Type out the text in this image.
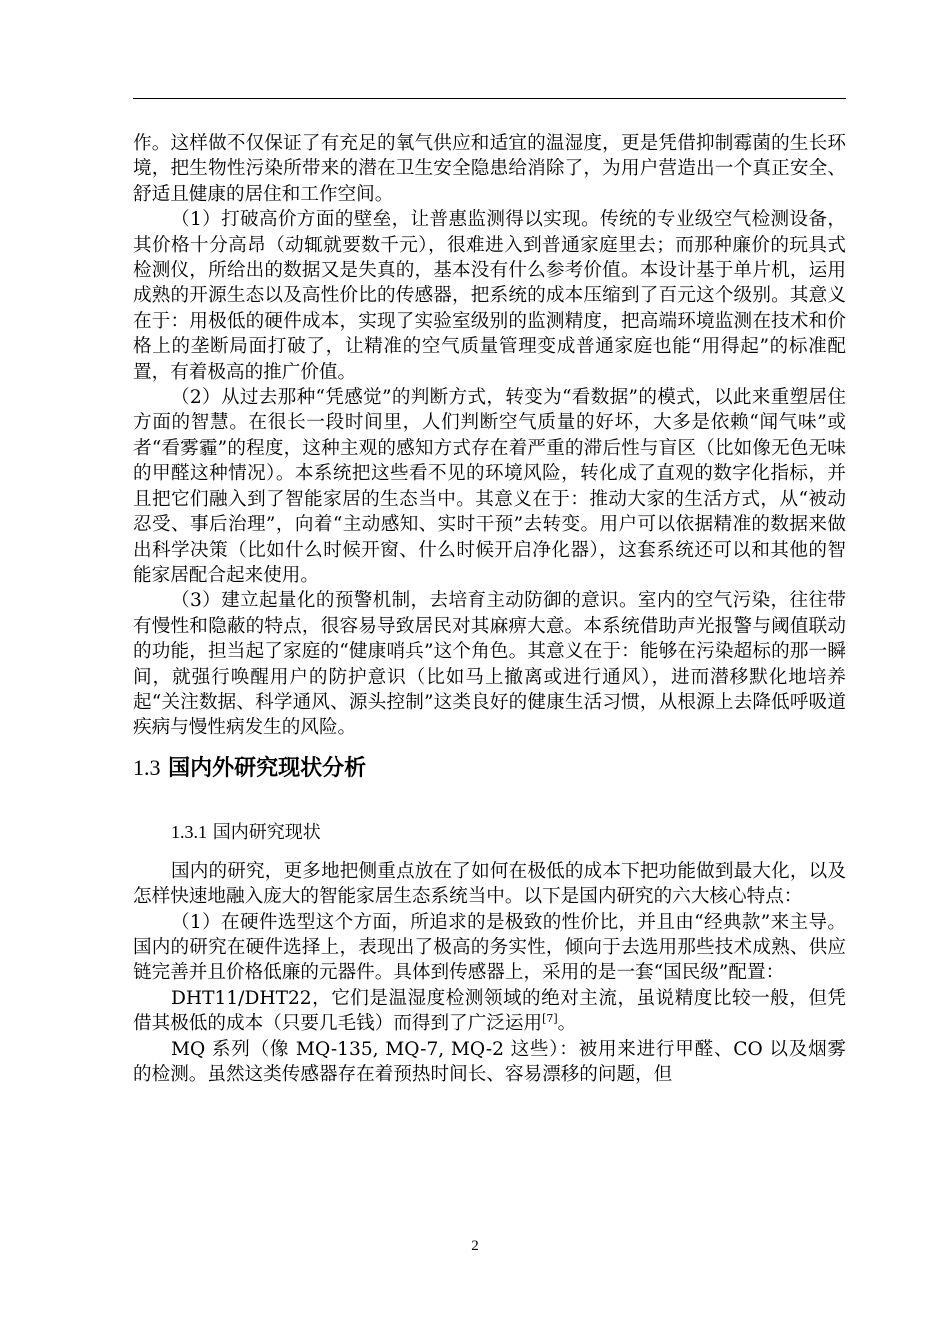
作。这样做不仅保证了有充足的氧气供应和适宜的温湿度，更是凭借抑制霉菌的生长环境，把生物性污染所带来的潜在卫生安全隐患给消除了，为用户营造出一个真正安全、舒适且健康的居住和工作空间。

（1）打破高价方面的壁垒，让普惠监测得以实现。传统的专业级空气检测设备，其价格十分高昂（动辄就要数千元），很难进入到普通家庭里去；而那种廉价的玩具式检测仪，所给出的数据又是失真的，基本没有什么参考价值。本设计基于单片机，运用成熟的开源生态以及高性价比的传感器，把系统的成本压缩到了百元这个级别。其意义在于：用极低的硬件成本，实现了实验室级别的监测精度，把高端环境监测在技术和价格上的垄断局面打破了，让精准的空气质量管理变成普通家庭也能“用得起”的标准配置，有着极高的推广价值。

（2）从过去那种“凭感觉”的判断方式，转变为“看数据”的模式，以此来重塑居住方面的智慧。在很长一段时间里，人们判断空气质量的好坏，大多是依赖“闻气味”或者“看雾霾”的程度，这种主观的感知方式存在着严重的滞后性与盲区（比如像无色无味的甲醛这种情况）。本系统把这些看不见的环境风险，转化成了直观的数字化指标，并且把它们融入到了智能家居的生态当中。其意义在于：推动大家的生活方式，从“被动忍受、事后治理”，向着“主动感知、实时干预”去转变。用户可以依据精准的数据来做出科学决策（比如什么时候开窗、什么时候开启净化器），这套系统还可以和其他的智能家居配合起来使用。

（3）建立起量化的预警机制，去培育主动防御的意识。室内的空气污染，往往带有慢性和隐蔽的特点，很容易导致居民对其麻痹大意。本系统借助声光报警与阈值联动的功能，担当起了家庭的“健康哨兵”这个角色。其意义在于：能够在污染超标的那一瞬间，就强行唤醒用户的防护意识（比如马上撤离或进行通风），进而潜移默化地培养起“关注数据、科学通风、源头控制”这类良好的健康生活习惯，从根源上去降低呼吸道疾病与慢性病发生的风险。

1.3 国内外研究现状分析
1.3.1 国内研究现状

国内的研究，更多地把侧重点放在了如何在极低的成本下把功能做到最大化，以及怎样快速地融入庞大的智能家居生态系统当中。以下是国内研究的六大核心特点：

（1）在硬件选型这个方面，所追求的是极致的性价比，并且由“经典款”来主导。国内的研究在硬件选择上，表现出了极高的务实性，倾向于去选用那些技术成熟、供应链完善并且价格低廉的元器件。具体到传感器上，采用的是一套“国民级”配置：

DHT11/DHT22，它们是温湿度检测领域的绝对主流，虽说精度比较一般，但凭借其极低的成本（只要几毛钱）而得到了广泛运用[7]。

MQ 系列（像 MQ-135, MQ-7, MQ-2 这些）：被用来进行甲醛、CO 以及烟雾的检测。虽然这类传感器存在着预热时间长、容易漂移的问题，但

2
